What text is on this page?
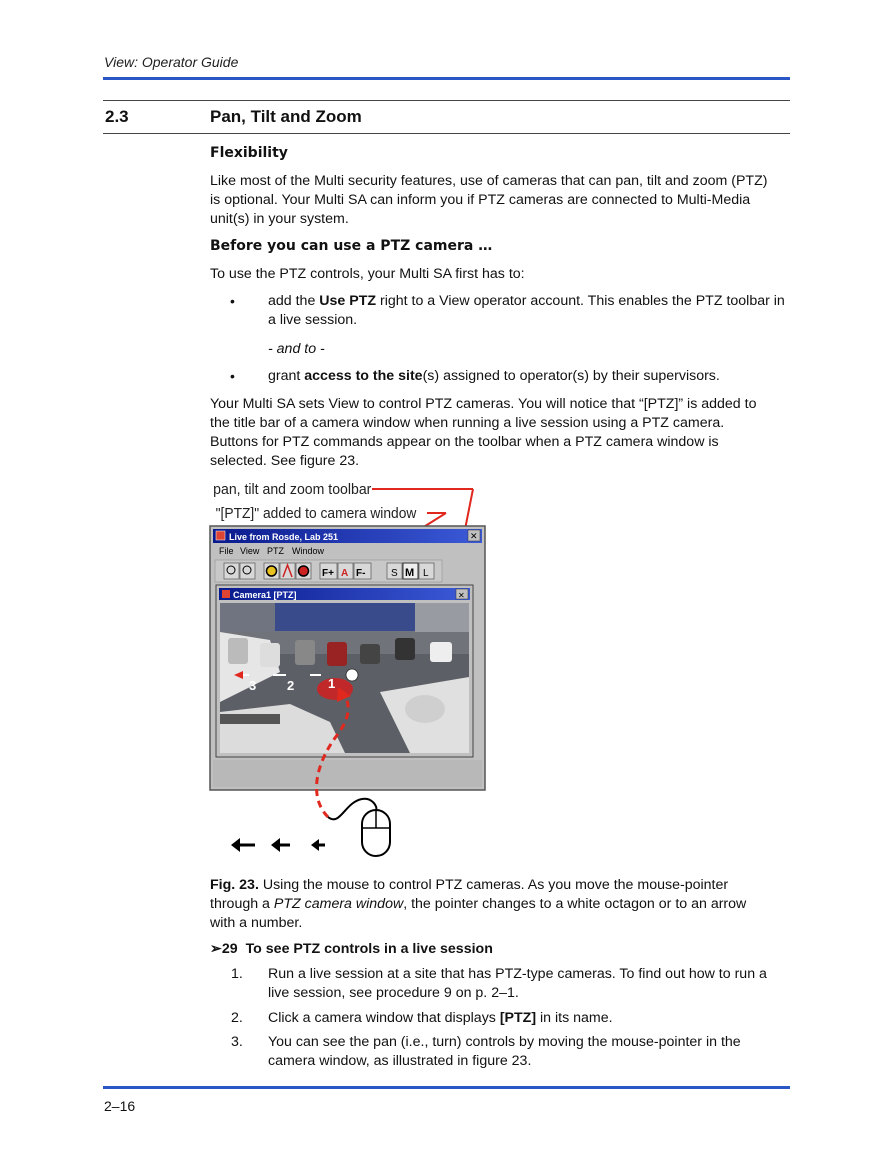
View: Operator Guide
2.3	Pan, Tilt and Zoom
Flexibility
Like most of the Multi security features, use of cameras that can pan, tilt and zoom (PTZ)
is optional. Your Multi SA can inform you if PTZ cameras are connected to Multi-Media
unit(s) in your system.
Before you can use a PTZ camera …
To use the PTZ controls, your Multi SA first has to:
• add the Use PTZ right to a View operator account. This enables the PTZ toolbar in
a live session.
- and to -
• grant access to the site(s) assigned to operator(s) by their supervisors.
Your Multi SA sets View to control PTZ cameras. You will notice that “[PTZ]” is added to
the title bar of a camera window when running a live session using a PTZ camera.
Buttons for PTZ commands appear on the toolbar when a PTZ camera window is
selected. See figure 23.
pan, tilt and zoom toolbar
"[PTZ]" added to camera window
Live from Rosde, Lab 251	✕
File View PTZ Window
F+ A F-	S M L
Camera1 [PTZ]	✕
3 2	1
Fig. 23. Using the mouse to control PTZ cameras. As you move the mouse-pointer
through a PTZ camera window, the pointer changes to a white octagon or to an arrow
with a number.
➢29 To see PTZ controls in a live session
1. Run a live session at a site that has PTZ-type cameras. To find out how to run a
live session, see procedure 9 on p. 2–1.
2. Click a camera window that displays [PTZ] in its name.
3. You can see the pan (i.e., turn) controls by moving the mouse-pointer in the
camera window, as illustrated in figure 23.
2–16
